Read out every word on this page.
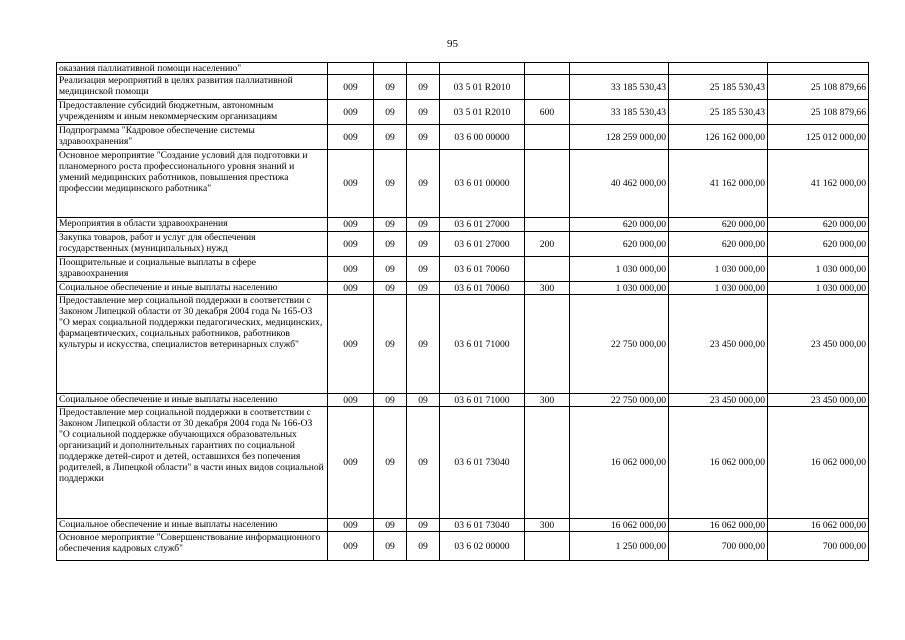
95
оказания паллиативной помощи населению"								
Реализация мероприятий в целях развития паллиативной медицинской помощи	009	09	09	03 5 01 R2010		33 185 530,43	25 185 530,43	25 108 879,66
Предоставление субсидий бюджетным, автономным учреждениям и иным некоммерческим организациям	009	09	09	03 5 01 R2010	600	33 185 530,43	25 185 530,43	25 108 879,66
Подпрограмма "Кадровое обеспечение системы здравоохранения"	009	09	09	03 6 00 00000		128 259 000,00	126 162 000,00	125 012 000,00
Основное мероприятие "Создание условий для подготовки и планомерного роста профессионального уровня знаний и умений медицинских работников, повышения престижа профессии медицинского работника"	009	09	09	03 6 01 00000		40 462 000,00	41 162 000,00	41 162 000,00
Мероприятия в области здравоохранения	009	09	09	03 6 01 27000		620 000,00	620 000,00	620 000,00
Закупка товаров, работ и услуг для обеспечения государственных (муниципальных) нужд	009	09	09	03 6 01 27000	200	620 000,00	620 000,00	620 000,00
Поощрительные и социальные выплаты в сфере здравоохранения	009	09	09	03 6 01 70060		1 030 000,00	1 030 000,00	1 030 000,00
Социальное обеспечение и иные выплаты населению	009	09	09	03 6 01 70060	300	1 030 000,00	1 030 000,00	1 030 000,00
Предоставление мер социальной поддержки в соответствии с Законом Липецкой области от 30 декабря 2004 года № 165-ОЗ "О мерах социальной поддержки педагогических, медицинских, фармацевтических, социальных работников, работников культуры и искусства, специалистов ветеринарных служб"	009	09	09	03 6 01 71000		22 750 000,00	23 450 000,00	23 450 000,00
Социальное обеспечение и иные выплаты населению	009	09	09	03 6 01 71000	300	22 750 000,00	23 450 000,00	23 450 000,00
Предоставление мер социальной поддержки в соответствии с Законом Липецкой области от 30 декабря 2004 года № 166-ОЗ "О социальной поддержке обучающихся образовательных организаций и дополнительных гарантиях по социальной поддержке детей-сирот и детей, оставшихся без попечения родителей, в Липецкой области" в части иных видов социальной поддержки	009	09	09	03 6 01 73040		16 062 000,00	16 062 000,00	16 062 000,00
Социальное обеспечение и иные выплаты населению	009	09	09	03 6 01 73040	300	16 062 000,00	16 062 000,00	16 062 000,00
Основное мероприятие "Совершенствование информационного обеспечения кадровых служб"	009	09	09	03 6 02 00000		1 250 000,00	700 000,00	700 000,00
